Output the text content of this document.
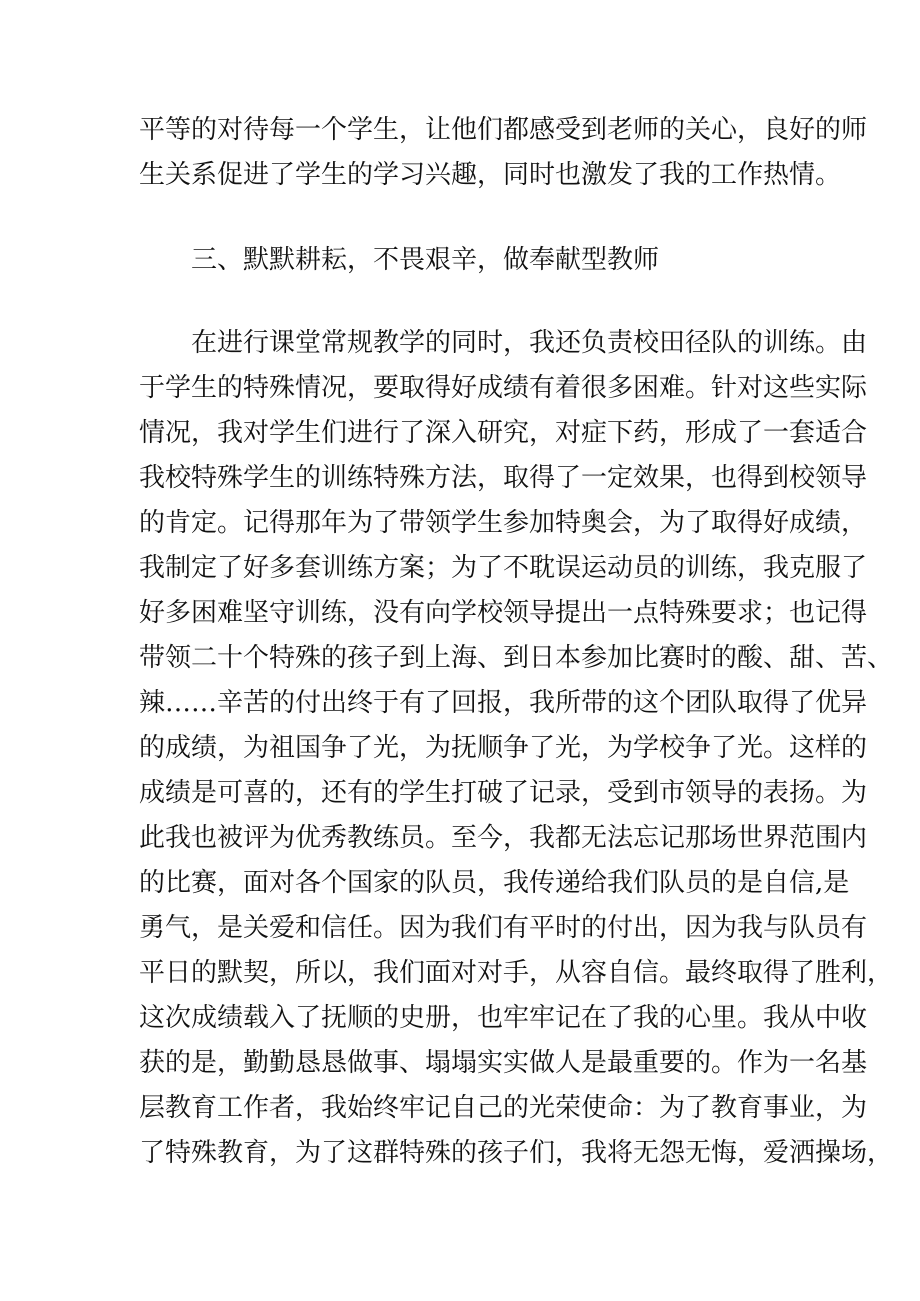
平等的对待每一个学生，让他们都感受到老师的关心，良好的师
生关系促进了学生的学习兴趣，同时也激发了我的工作热情。
三、默默耕耘，不畏艰辛，做奉献型教师
在进行课堂常规教学的同时，我还负责校田径队的训练。由
于学生的特殊情况，要取得好成绩有着很多困难。针对这些实际
情况，我对学生们进行了深入研究，对症下药，形成了一套适合
我校特殊学生的训练特殊方法，取得了一定效果，也得到校领导
的肯定。记得那年为了带领学生参加特奥会，为了取得好成绩，
我制定了好多套训练方案；为了不耽误运动员的训练，我克服了
好多困难坚守训练，没有向学校领导提出一点特殊要求；也记得
带领二十个特殊的孩子到上海、到日本参加比赛时的酸、甜、苦、
辣……辛苦的付出终于有了回报，我所带的这个团队取得了优异
的成绩，为祖国争了光，为抚顺争了光，为学校争了光。这样的
成绩是可喜的，还有的学生打破了记录，受到市领导的表扬。为
此我也被评为优秀教练员。至今，我都无法忘记那场世界范围内
的比赛，面对各个国家的队员，我传递给我们队员的是自信,是
勇气，是关爱和信任。因为我们有平时的付出，因为我与队员有
平日的默契，所以，我们面对对手，从容自信。最终取得了胜利，
这次成绩载入了抚顺的史册，也牢牢记在了我的心里。我从中收
获的是，勤勤恳恳做事、塌塌实实做人是最重要的。作为一名基
层教育工作者，我始终牢记自己的光荣使命：为了教育事业，为
了特殊教育，为了这群特殊的孩子们，我将无怨无悔，爱洒操场，
